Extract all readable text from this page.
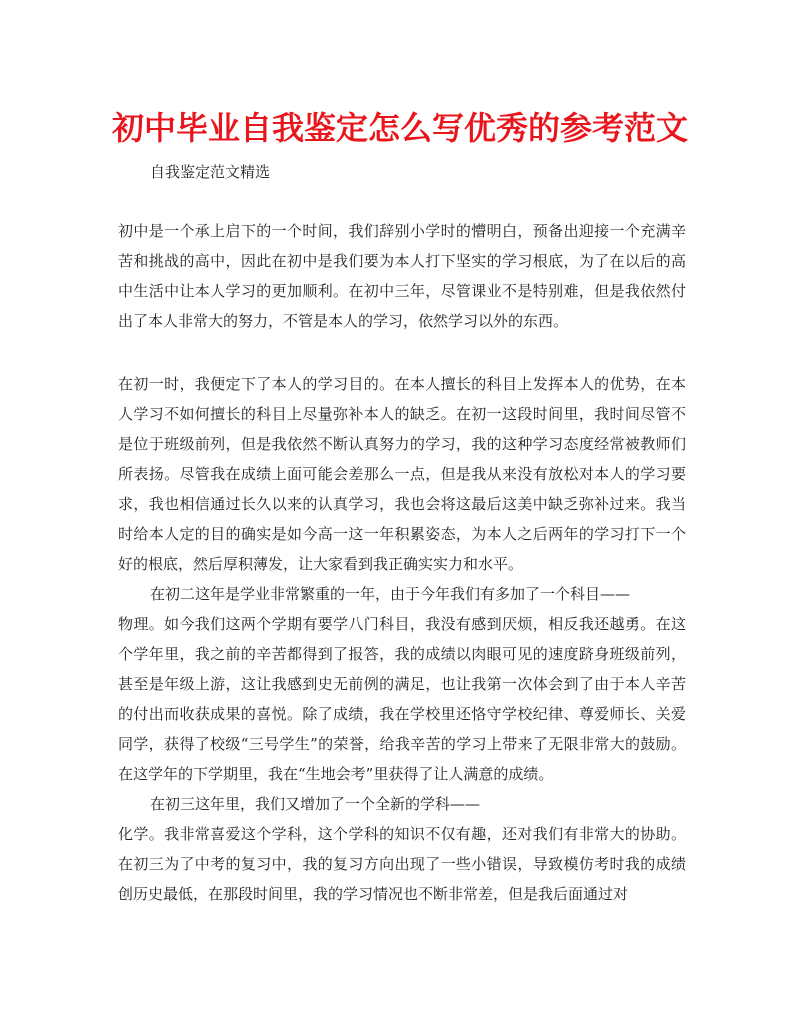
初中毕业自我鉴定怎么写优秀的参考范文

自我鉴定范文精选

初中是一个承上启下的一个时间，我们辞别小学时的懵明白，预备出迎接一个充满辛苦和挑战的高中，因此在初中是我们要为本人打下坚实的学习根底，为了在以后的高中生活中让本人学习的更加顺利。在初中三年，尽管课业不是特别难，但是我依然付出了本人非常大的努力，不管是本人的学习，依然学习以外的东西。

在初一时，我便定下了本人的学习目的。在本人擅长的科目上发挥本人的优势，在本人学习不如何擅长的科目上尽量弥补本人的缺乏。在初一这段时间里，我时间尽管不是位于班级前列，但是我依然不断认真努力的学习，我的这种学习态度经常被教师们所表扬。尽管我在成绩上面可能会差那么一点，但是我从来没有放松对本人的学习要求，我也相信通过长久以来的认真学习，我也会将这最后这美中缺乏弥补过来。我当时给本人定的目的确实是如今高一这一年积累姿态，为本人之后两年的学习打下一个好的根底，然后厚积薄发，让大家看到我正确实实力和水平。

在初二这年是学业非常繁重的一年，由于今年我们有多加了一个科目——
物理。如今我们这两个学期有要学八门科目，我没有感到厌烦，相反我还越勇。在这个学年里，我之前的辛苦都得到了报答，我的成绩以肉眼可见的速度跻身班级前列，甚至是年级上游，这让我感到史无前例的满足，也让我第一次体会到了由于本人辛苦的付出而收获成果的喜悦。除了成绩，我在学校里还恪守学校纪律、尊爱师长、关爱同学，获得了校级“三号学生”的荣誉，给我辛苦的学习上带来了无限非常大的鼓励。在这学年的下学期里，我在“生地会考”里获得了让人满意的成绩。
在初三这年里，我们又增加了一个全新的学科——
化学。我非常喜爱这个学科，这个学科的知识不仅有趣，还对我们有非常大的协助。在初三为了中考的复习中，我的复习方向出现了一些小错误，导致模仿考时我的成绩创历史最低，在那段时间里，我的学习情况也不断非常差，但是我后面通过对
